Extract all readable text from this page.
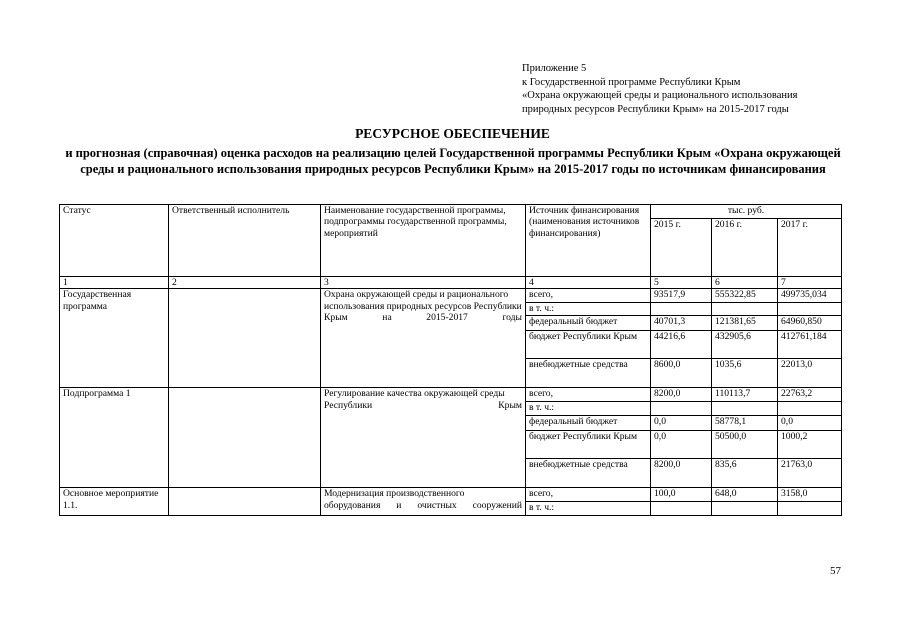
Приложение 5
к Государственной программе Республики Крым
«Охрана окружающей среды и рационального использования
природных ресурсов Республики Крым» на 2015-2017 годы
РЕСУРСНОЕ ОБЕСПЕЧЕНИЕ
и прогнозная (справочная) оценка расходов на реализацию целей Государственной программы Республики Крым «Охрана окружающей среды и рационального использования природных ресурсов Республики Крым» на 2015-2017 годы по источникам финансирования
Статус	Ответственный исполнитель	Наименование государственной программы, подпрограммы государственной программы, мероприятий	Источник финансирования (наименования источников финансирования)	тыс. руб.		
				2015 г.	2016 г.	2017 г.
1	2	3	4	5	6	7
Государственная программа		Охрана окружающей среды и рационального использования природных ресурсов Республики Крым на 2015-2017 годы	всего,	93517,9	555322,85	499735,034
			в т. ч.:			
			федеральный бюджет	40701,3	121381,65	64960,850
			бюджет Республики Крым	44216,6	432905,6	412761,184
			внебюджетные средства	8600,0	1035,6	22013,0
Подпрограмма 1		Регулирование качества окружающей среды Республики Крым	всего,	8200,0	110113,7	22763,2
			в т. ч.:			
			федеральный бюджет	0,0	58778,1	0,0
			бюджет Республики Крым	0,0	50500,0	1000,2
			внебюджетные средства	8200,0	835,6	21763,0
Основное мероприятие 1.1.		Модернизация производственного оборудования и очистных сооружений	всего,	100,0	648,0	3158,0
			в т. ч.:			
57
